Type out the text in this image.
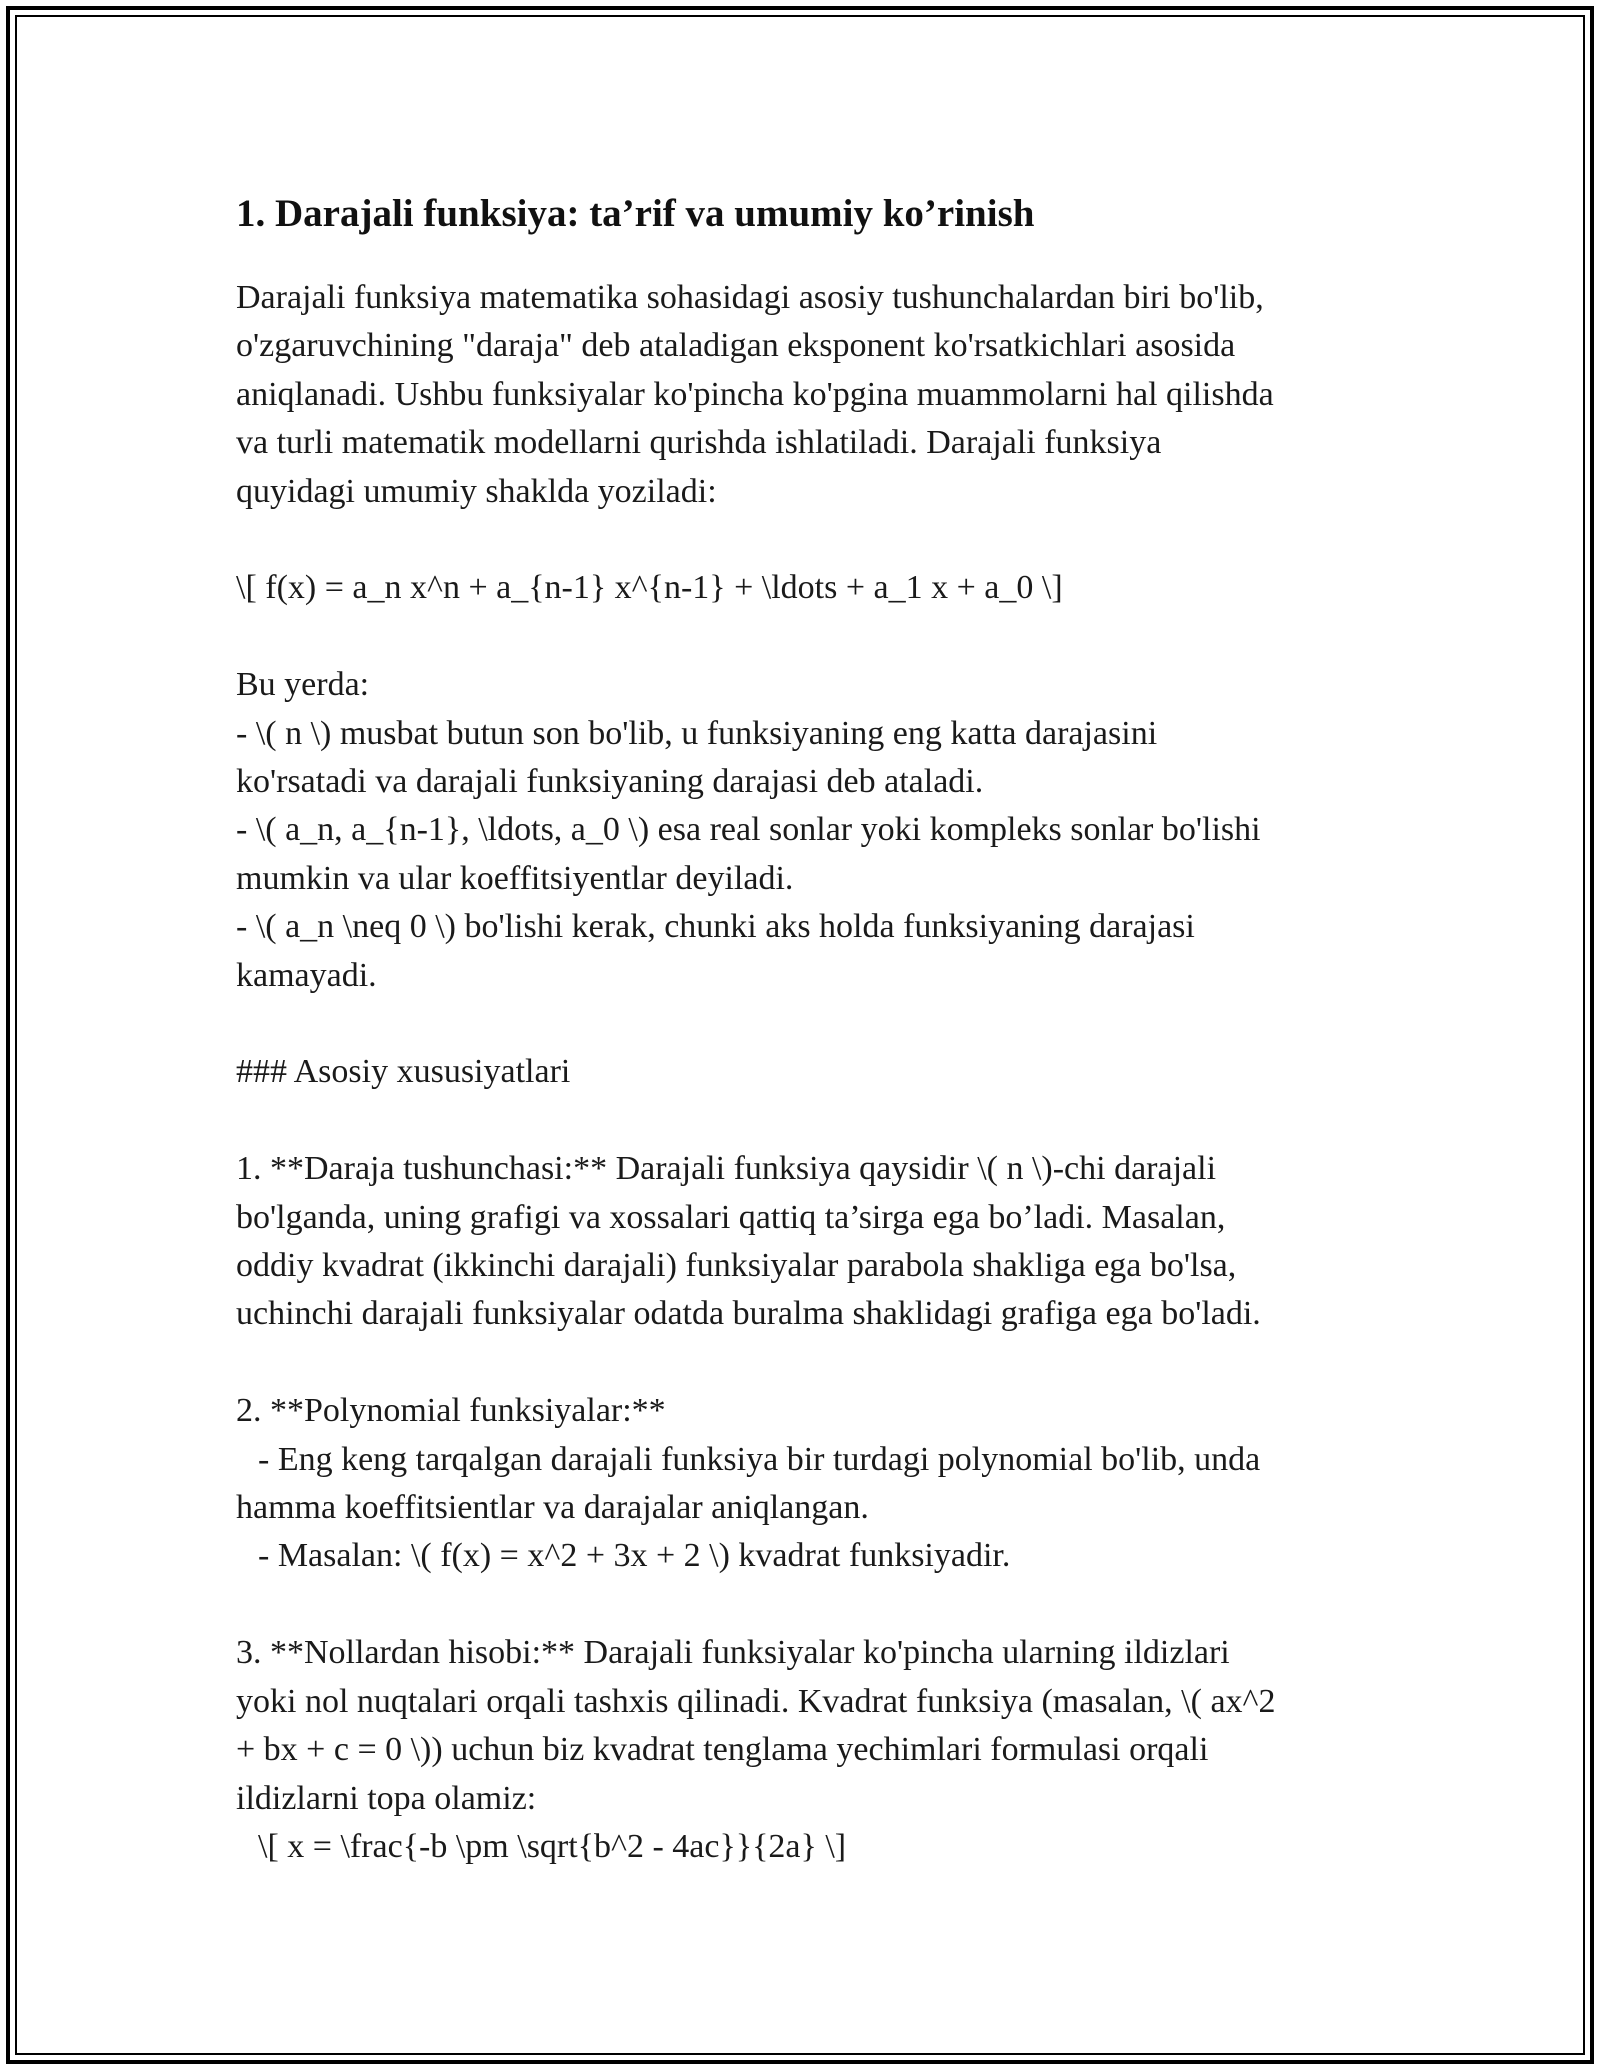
1. Darajali funksiya: ta’rif va umumiy ko’rinish

Darajali funksiya matematika sohasidagi asosiy tushunchalardan biri bo'lib,
o'zgaruvchining "daraja" deb ataladigan eksponent ko'rsatkichlari asosida
aniqlanadi. Ushbu funksiyalar ko'pincha ko'pgina muammolarni hal qilishda
va turli matematik modellarni qurishda ishlatiladi. Darajali funksiya
quyidagi umumiy shaklda yoziladi:

\[ f(x) = a_n x^n + a_{n-1} x^{n-1} + \ldots + a_1 x + a_0 \]

Bu yerda:
- \( n \) musbat butun son bo'lib, u funksiyaning eng katta darajasini
ko'rsatadi va darajali funksiyaning darajasi deb ataladi.
- \( a_n, a_{n-1}, \ldots, a_0 \) esa real sonlar yoki kompleks sonlar bo'lishi
mumkin va ular koeffitsiyentlar deyiladi.
- \( a_n \neq 0 \) bo'lishi kerak, chunki aks holda funksiyaning darajasi
kamayadi.

### Asosiy xususiyatlari

1. **Daraja tushunchasi:** Darajali funksiya qaysidir \( n \)-chi darajali
bo'lganda, uning grafigi va xossalari qattiq ta’sirga ega bo’ladi. Masalan,
oddiy kvadrat (ikkinchi darajali) funksiyalar parabola shakliga ega bo'lsa,
uchinchi darajali funksiyalar odatda buralma shaklidagi grafiga ega bo'ladi.

2. **Polynomial funksiyalar:**

- Eng keng tarqalgan darajali funksiya bir turdagi polynomial bo'lib, unda

hamma koeffitsientlar va darajalar aniqlangan.

- Masalan: \( f(x) = x^2 + 3x + 2 \) kvadrat funksiyadir.

3. **Nollardan hisobi:** Darajali funksiyalar ko'pincha ularning ildizlari
yoki nol nuqtalari orqali tashxis qilinadi. Kvadrat funksiya (masalan, \( ax^2
+ bx + c = 0 \)) uchun biz kvadrat tenglama yechimlari formulasi orqali
ildizlarni topa olamiz:

\[ x = \frac{-b \pm \sqrt{b^2 - 4ac}}{2a} \]
